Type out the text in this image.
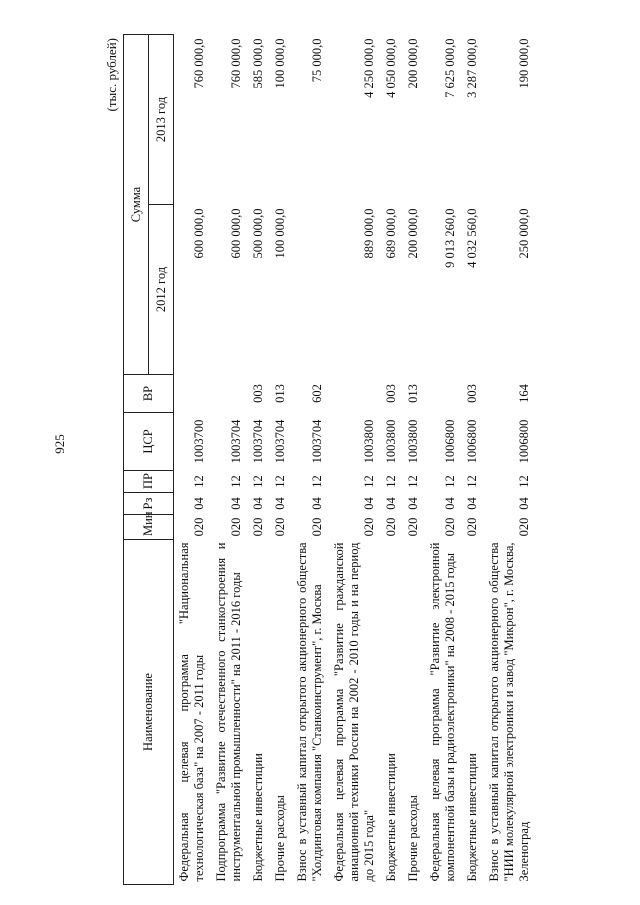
925
(тыс. рублей)
Наименование	Мин	Рз	ПР	ЦСР	ВР	Сумма	
						2012 год	2013 год
Федеральная целевая программа "Национальная технологическая база" на 2007 - 2011 годы	020	04	12	1003700		600 000,0	760 000,0
Подпрограмма "Развитие отечественного станкостроения и инструментальной промышленности" на 2011 - 2016 годы	020	04	12	1003704		600 000,0	760 000,0
Бюджетные инвестиции	020	04	12	1003704	003	500 000,0	585 000,0
Прочие расходы	020	04	12	1003704	013	100 000,0	100 000,0
Взнос в уставный капитал открытого акционерного общества "Холдинговая компания "Станкоинструмент", г. Москва	020	04	12	1003704	602		75 000,0
Федеральная целевая программа "Развитие гражданской авиационной техники России на 2002 - 2010 годы и на период до 2015 года"	020	04	12	1003800		889 000,0	4 250 000,0
Бюджетные инвестиции	020	04	12	1003800	003	689 000,0	4 050 000,0
Прочие расходы	020	04	12	1003800	013	200 000,0	200 000,0
Федеральная целевая программа "Развитие электронной компонентной базы и радиоэлектроники" на 2008 - 2015 годы	020	04	12	1006800		9 013 260,0	7 625 000,0
Бюджетные инвестиции	020	04	12	1006800	003	4 032 560,0	3 287 000,0
Взнос в уставный капитал открытого акционерного общества "НИИ молекулярной электроники и завод "Микрон", г. Москва, Зеленоград	020	04	12	1006800	164	250 000,0	190 000,0
